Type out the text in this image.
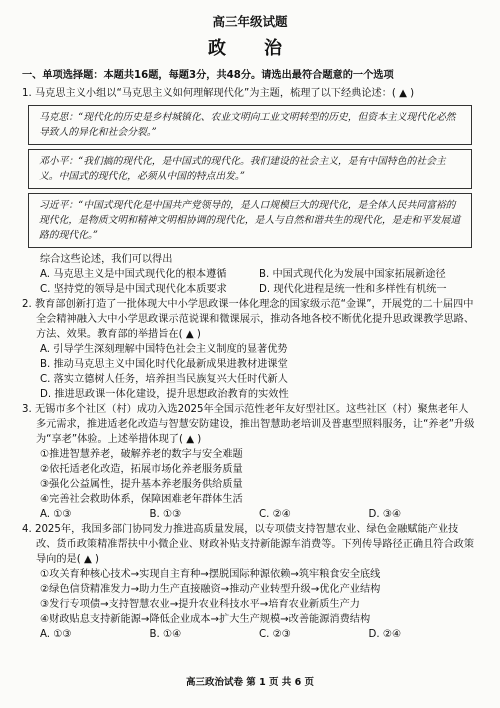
高三年级试题
政　治
一、单项选择题：本题共16题，每题3分，共48分。请选出最符合题意的一个选项
1. 马克思主义小组以“马克思主义如何理解现代化”为主题，梳理了以下经典论述：( ▲ )
马克思：“现代化的历史是乡村城镇化、农业文明向工业文明转型的历史，但资本主义现代化必然导致人的异化和社会分裂。”
邓小平：“我们搞的现代化，是中国式的现代化。我们建设的社会主义，是有中国特色的社会主义。中国式的现代化，必须从中国的特点出发。”
习近平：“中国式现代化是中国共产党领导的，是人口规模巨大的现代化，是全体人民共同富裕的现代化，是物质文明和精神文明相协调的现代化，是人与自然和谐共生的现代化，是走和平发展道路的现代化。”
综合这些论述，我们可以得出
A. 马克思主义是中国式现代化的根本遵循	B. 中国式现代化为发展中国家拓展新途径
C. 坚持党的领导是中国式现代化本质要求	D. 现代化进程是统一性和多样性有机统一
2. 教育部创新打造了一批体现大中小学思政课一体化理念的国家级示范“金课”，开展党的二十届四中全会精神融入大中小学思政课示范说课和微课展示，推动各地各校不断优化提升思政课教学思路、方法、效果。教育部的举措旨在( ▲ )
A. 引导学生深刻理解中国特色社会主义制度的显著优势
B. 推动马克思主义中国化时代化最新成果进教材进课堂
C. 落实立德树人任务，培养担当民族复兴大任时代新人
D. 推进思政课一体化建设，提升思想政治教育的实效性
3. 无锡市多个社区（村）成功入选2025年全国示范性老年友好型社区。这些社区（村）聚焦老年人多元需求，推进适老化改造与智慧安防建设，推出智慧助老培训及普惠型照料服务，让“养老”升级为“享老”体验。上述举措体现了( ▲ )
①推进智慧养老，破解养老的数字与安全难题
②依托适老化改造，拓展市场化养老服务质量
③强化公益属性，提升基本养老服务供给质量
④完善社会救助体系，保障困难老年群体生活
A. ①③	B. ①③	C. ②④	D. ③④
4. 2025年，我国多部门协同发力推进高质量发展，以专项债支持智慧农业、绿色金融赋能产业技改、货币政策精准帮扶中小微企业、财政补贴支持新能源车消费等。下列传导路径正确且符合政策导向的是( ▲ )
①攻关育种核心技术→实现自主育种→摆脱国际种源依赖→筑牢粮食安全底线
②绿色信贷精准发力→助力生产直接融资→推动产业转型升级→优化产业结构
③发行专项债→支持智慧农业→提升农业科技水平→培育农业新质生产力
④财政贴息支持新能源→降低企业成本→扩大生产规模→改善能源消费结构
A. ①③	B. ①④	C. ②③	D. ②④
高三政治试卷 第 1 页 共 6 页
